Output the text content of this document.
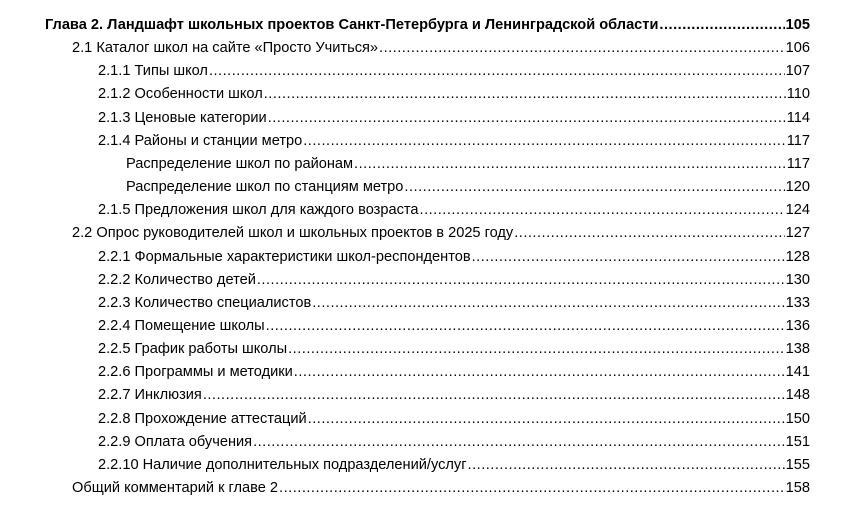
Глава 2. Ландшафт школьных проектов Санкт-Петербурга и Ленинградской области .....	105
2.1 Каталог школ на сайте «Просто Учиться» .....	106
2.1.1 Типы школ .....	107
2.1.2 Особенности школ .....	110
2.1.3 Ценовые категории .....	114
2.1.4 Районы и станции метро .....	117
Распределение школ по районам .....	117
Распределение школ по станциям метро .....	120
2.1.5 Предложения школ для каждого возраста .....	124
2.2 Опрос руководителей школ и школьных проектов в 2025 году .....	127
2.2.1 Формальные характеристики школ-респондентов .....	128
2.2.2 Количество детей .....	130
2.2.3 Количество специалистов .....	133
2.2.4 Помещение школы .....	136
2.2.5 График работы школы .....	138
2.2.6 Программы и методики .....	141
2.2.7 Инклюзия .....	148
2.2.8 Прохождение аттестаций .....	150
2.2.9 Оплата обучения .....	151
2.2.10 Наличие дополнительных подразделений/услуг .....	155
Общий комментарий к главе 2 .....	158
